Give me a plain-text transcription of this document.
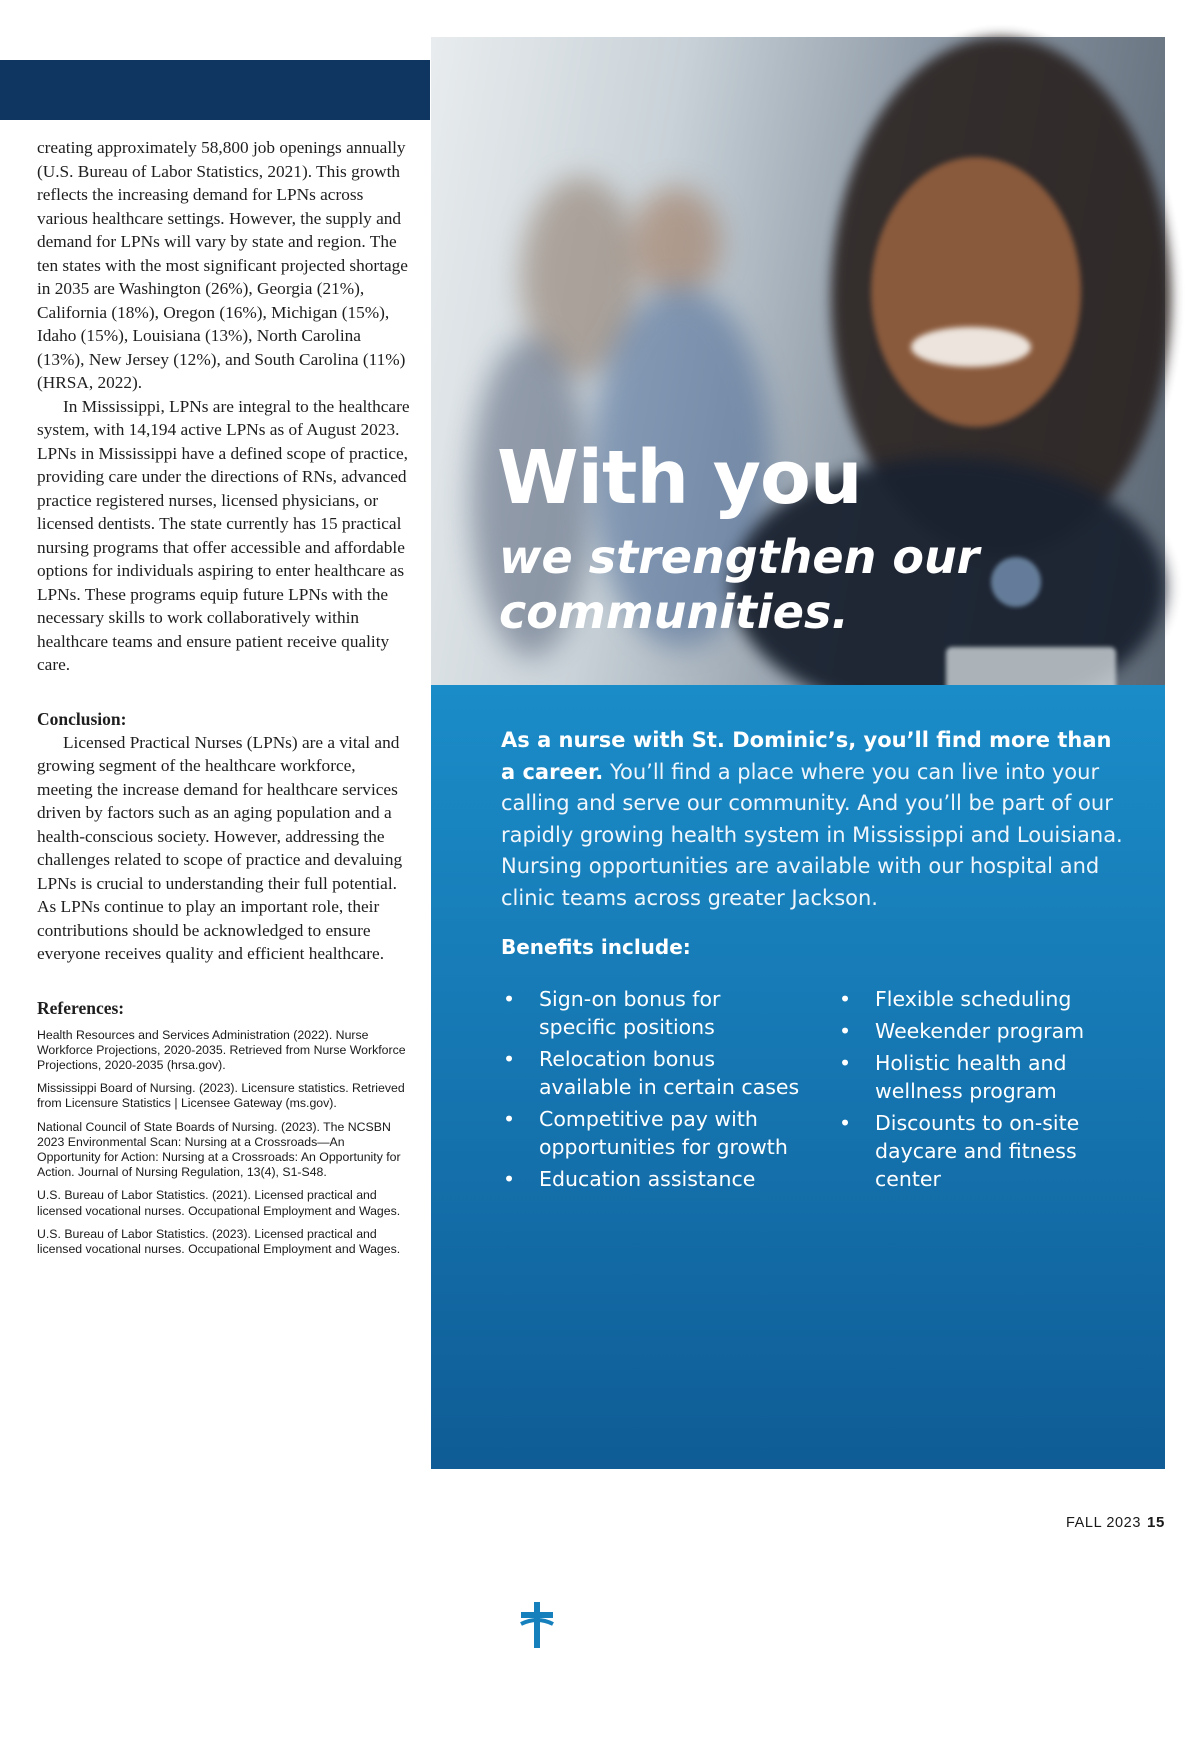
creating approximately 58,800 job openings annually (U.S. Bureau of Labor Statistics, 2021). This growth reflects the increasing demand for LPNs across various healthcare settings. However, the supply and demand for LPNs will vary by state and region. The ten states with the most significant projected shortage in 2035 are Washington (26%), Georgia (21%), California (18%), Oregon (16%), Michigan (15%), Idaho (15%), Louisiana (13%), North Carolina (13%), New Jersey (12%), and South Carolina (11%) (HRSA, 2022).

In Mississippi, LPNs are integral to the healthcare system, with 14,194 active LPNs as of August 2023. LPNs in Mississippi have a defined scope of practice, providing care under the directions of RNs, advanced practice registered nurses, licensed physicians, or licensed dentists. The state currently has 15 practical nursing programs that offer accessible and affordable options for individuals aspiring to enter healthcare as LPNs. These programs equip future LPNs with the necessary skills to work collaboratively within healthcare teams and ensure patient receive quality care.

Conclusion:

Licensed Practical Nurses (LPNs) are a vital and growing segment of the healthcare workforce, meeting the increase demand for healthcare services driven by factors such as an aging population and a health-conscious society. However, addressing the challenges related to scope of practice and devaluing LPNs is crucial to understanding their full potential. As LPNs continue to play an important role, their contributions should be acknowledged to ensure everyone receives quality and efficient healthcare.

References:

Health Resources and Services Administration (2022). Nurse Workforce Projections, 2020-2035. Retrieved from Nurse Workforce Projections, 2020-2035 (hrsa.gov).

Mississippi Board of Nursing. (2023). Licensure statistics. Retrieved from Licensure Statistics | Licensee Gateway (ms.gov).

National Council of State Boards of Nursing. (2023). The NCSBN 2023 Environmental Scan: Nursing at a Crossroads—An Opportunity for Action: Nursing at a Crossroads: An Opportunity for Action. Journal of Nursing Regulation, 13(4), S1-S48.

U.S. Bureau of Labor Statistics. (2021). Licensed practical and licensed vocational nurses. Occupational Employment and Wages.

U.S. Bureau of Labor Statistics. (2023). Licensed practical and licensed vocational nurses. Occupational Employment and Wages.

With you
we strengthen our communities.

As a nurse with St. Dominic’s, you’ll find more than a career. You’ll find a place where you can live into your calling and serve our community. And you’ll be part of our rapidly growing health system in Mississippi and Louisiana. Nursing opportunities are available with our hospital and clinic teams across greater Jackson.

Benefits include:
• Sign-on bonus for specific positions
• Relocation bonus available in certain cases
• Competitive pay with opportunities for growth
• Education assistance
• Flexible scheduling
• Weekender program
• Holistic health and wellness program
• Discounts to on-site daycare and fitness center
St. Dominic’s
fmolhs.org/RNCareers
FALL 2023 15
